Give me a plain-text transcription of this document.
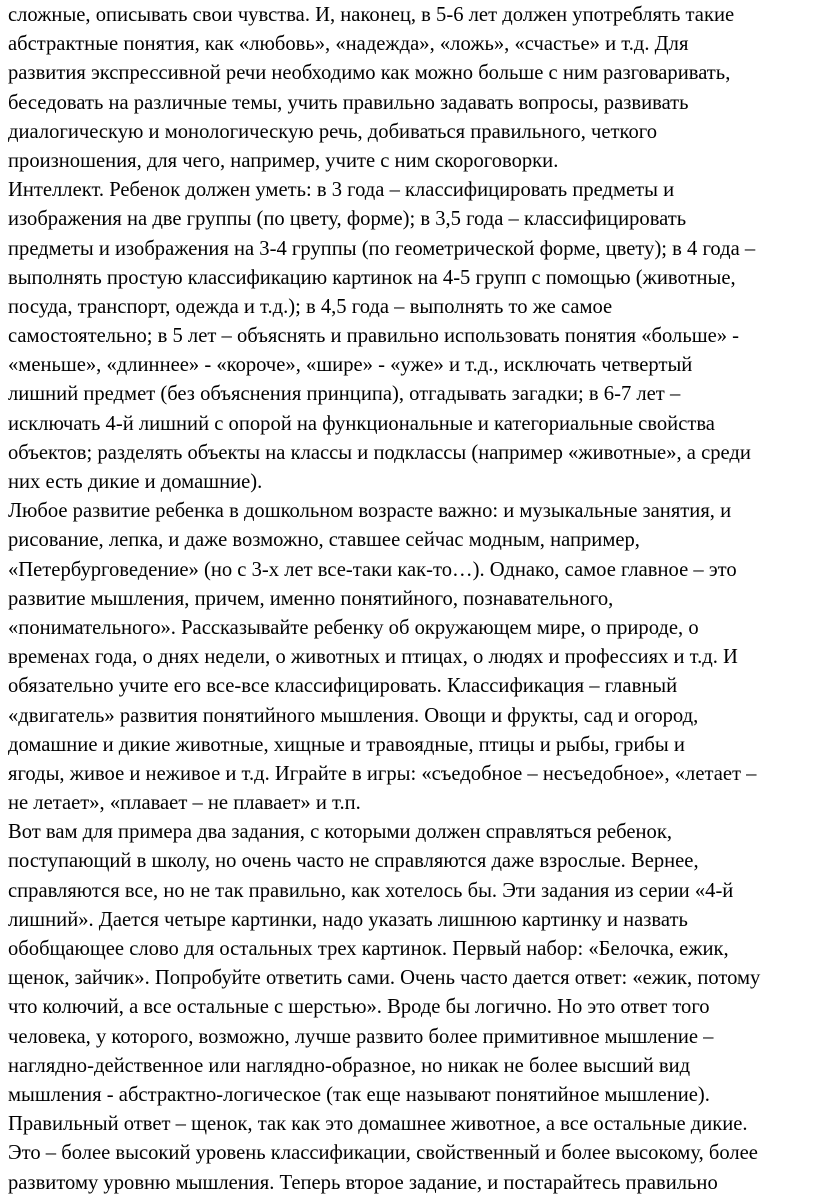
сложные, описывать свои чувства. И, наконец, в 5-6 лет должен употреблять такие
абстрактные понятия, как «любовь», «надежда», «ложь», «счастье» и т.д. Для
развития экспрессивной речи необходимо как можно больше с ним разговаривать,
беседовать на различные темы, учить правильно задавать вопросы, развивать
диалогическую и монологическую речь, добиваться правильного, четкого
произношения, для чего, например, учите с ним скороговорки.
Интеллект. Ребенок должен уметь: в 3 года – классифицировать предметы и
изображения на две группы (по цвету, форме); в 3,5 года – классифицировать
предметы и изображения на 3-4 группы (по геометрической форме, цвету); в 4 года –
выполнять простую классификацию картинок на 4-5 групп с помощью (животные,
посуда, транспорт, одежда и т.д.); в 4,5 года – выполнять то же самое
самостоятельно; в 5 лет – объяснять и правильно использовать понятия «больше» -
«меньше», «длиннее» - «короче», «шире» - «уже» и т.д., исключать четвертый
лишний предмет (без объяснения принципа), отгадывать загадки; в 6-7 лет –
исключать 4-й лишний с опорой на функциональные и категориальные свойства
объектов; разделять объекты на классы и подклассы (например «животные», а среди
них есть дикие и домашние).
Любое развитие ребенка в дошкольном возрасте важно: и музыкальные занятия, и
рисование, лепка, и даже возможно, ставшее сейчас модным, например,
«Петербурговедение» (но с 3-х лет все-таки как-то…). Однако, самое главное – это
развитие мышления, причем, именно понятийного, познавательного,
«понимательного». Рассказывайте ребенку об окружающем мире, о природе, о
временах года, о днях недели, о животных и птицах, о людях и профессиях и т.д. И
обязательно учите его все-все классифицировать. Классификация – главный
«двигатель» развития понятийного мышления. Овощи и фрукты, сад и огород,
домашние и дикие животные, хищные и травоядные, птицы и рыбы, грибы и
ягоды, живое и неживое и т.д. Играйте в игры: «съедобное – несъедобное», «летает –
не летает», «плавает – не плавает» и т.п.
Вот вам для примера два задания, с которыми должен справляться ребенок,
поступающий в школу, но очень часто не справляются даже взрослые. Вернее,
справляются все, но не так правильно, как хотелось бы. Эти задания из серии «4-й
лишний». Дается четыре картинки, надо указать лишнюю картинку и назвать
обобщающее слово для остальных трех картинок. Первый набор: «Белочка, ежик,
щенок, зайчик». Попробуйте ответить сами. Очень часто дается ответ: «ежик, потому
что колючий, а все остальные с шерстью». Вроде бы логично. Но это ответ того
человека, у которого, возможно, лучше развито более примитивное мышление –
наглядно-действенное или наглядно-образное, но никак не более высший вид
мышления - абстрактно-логическое (так еще называют понятийное мышление).
Правильный ответ – щенок, так как это домашнее животное, а все остальные дикие.
Это – более высокий уровень классификации, свойственный и более высокому, более
развитому уровню мышления. Теперь второе задание, и постарайтесь правильно
